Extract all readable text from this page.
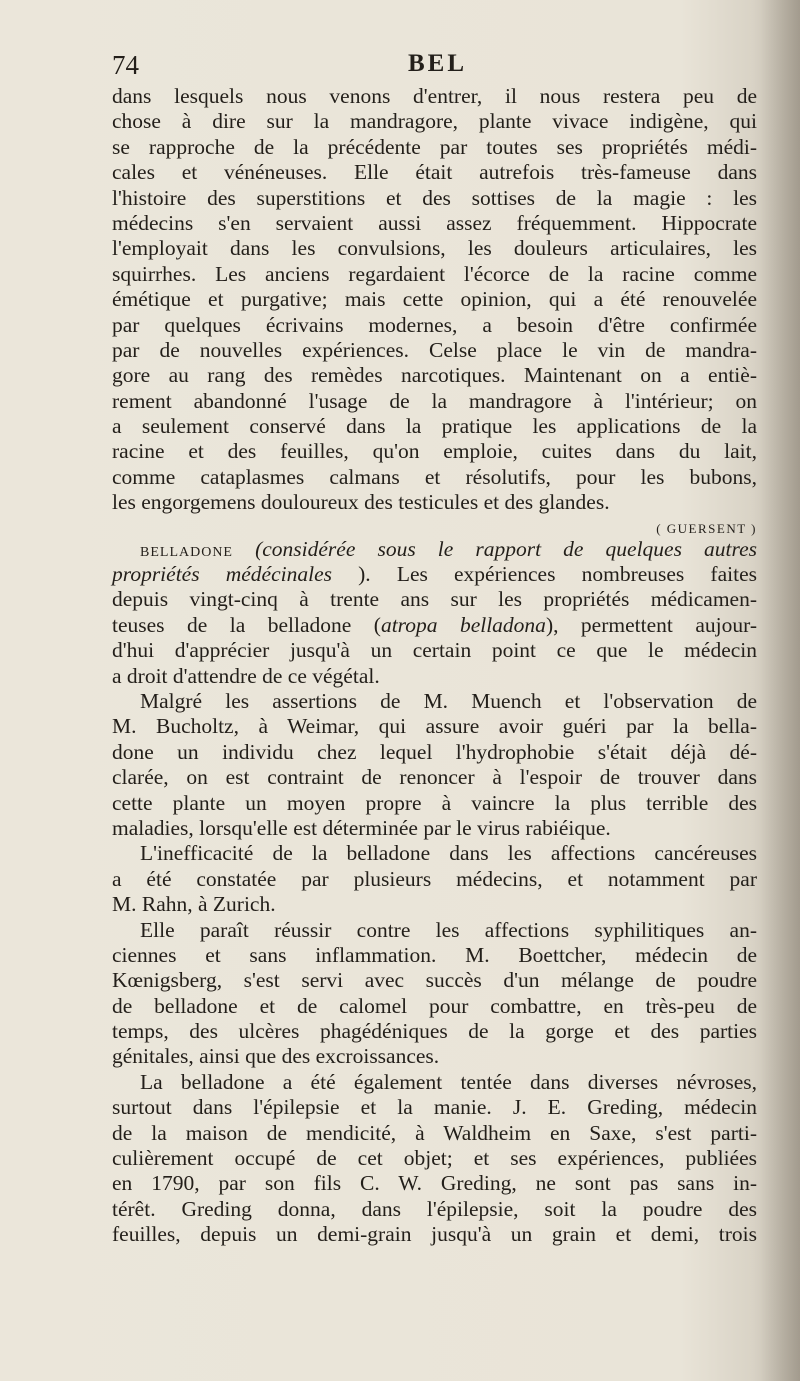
74	BEL
dans lesquels nous venons d'entrer, il nous restera peu de
chose à dire sur la mandragore, plante vivace indigène, qui
se rapproche de la précédente par toutes ses propriétés médi-
cales et vénéneuses. Elle était autrefois très-fameuse dans
l'histoire des superstitions et des sottises de la magie : les
médecins s'en servaient aussi assez fréquemment. Hippocrate
l'employait dans les convulsions, les douleurs articulaires, les
squirrhes. Les anciens regardaient l'écorce de la racine comme
émétique et purgative; mais cette opinion, qui a été renouvelée
par quelques écrivains modernes, a besoin d'être confirmée
par de nouvelles expériences. Celse place le vin de mandra-
gore au rang des remèdes narcotiques. Maintenant on a entiè-
rement abandonné l'usage de la mandragore à l'intérieur; on
a seulement conservé dans la pratique les applications de la
racine et des feuilles, qu'on emploie, cuites dans du lait,
comme cataplasmes calmans et résolutifs, pour les bubons,
les engorgemens douloureux des testicules et des glandes.
( GUERSENT )
BELLADONE (considérée sous le rapport de quelques autres
propriétés médécinales ). Les expériences nombreuses faites
depuis vingt-cinq à trente ans sur les propriétés médicamen-
teuses de la belladone (atropa belladona), permettent aujour-
d'hui d'apprécier jusqu'à un certain point ce que le médecin
a droit d'attendre de ce végétal.
Malgré les assertions de M. Muench et l'observation de
M. Bucholtz, à Weimar, qui assure avoir guéri par la bella-
done un individu chez lequel l'hydrophobie s'était déjà dé-
clarée, on est contraint de renoncer à l'espoir de trouver dans
cette plante un moyen propre à vaincre la plus terrible des
maladies, lorsqu'elle est déterminée par le virus rabiéique.
L'inefficacité de la belladone dans les affections cancéreuses
a été constatée par plusieurs médecins, et notamment par
M. Rahn, à Zurich.
Elle paraît réussir contre les affections syphilitiques an-
ciennes et sans inflammation. M. Boettcher, médecin de
Kœnigsberg, s'est servi avec succès d'un mélange de poudre
de belladone et de calomel pour combattre, en très-peu de
temps, des ulcères phagédéniques de la gorge et des parties
génitales, ainsi que des excroissances.
La belladone a été également tentée dans diverses névroses,
surtout dans l'épilepsie et la manie. J. E. Greding, médecin
de la maison de mendicité, à Waldheim en Saxe, s'est parti-
culièrement occupé de cet objet; et ses expériences, publiées
en 1790, par son fils C. W. Greding, ne sont pas sans in-
térêt. Greding donna, dans l'épilepsie, soit la poudre des
feuilles, depuis un demi-grain jusqu'à un grain et demi, trois
